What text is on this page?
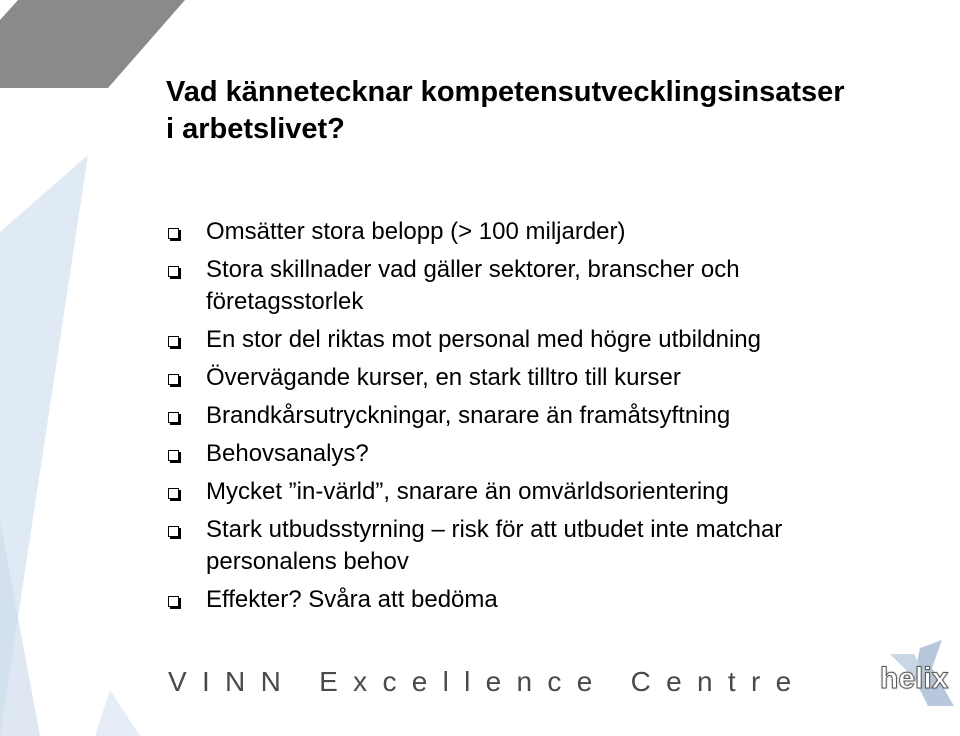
Vad kännetecknar kompetensutvecklingsinsatser
i arbetslivet?
Omsätter stora belopp (> 100 miljarder)
Stora skillnader vad gäller sektorer, branscher och
företagsstorlek
En stor del riktas mot personal med högre utbildning
Övervägande kurser, en stark tilltro till kurser
Brandkårsutryckningar, snarare än framåtsyftning
Behovsanalys?
Mycket ”in-värld”, snarare än omvärldsorientering
Stark utbudsstyrning – risk för att utbudet inte matchar
personalens behov
Effekter? Svåra att bedöma
VINN Excellence Centre helix
